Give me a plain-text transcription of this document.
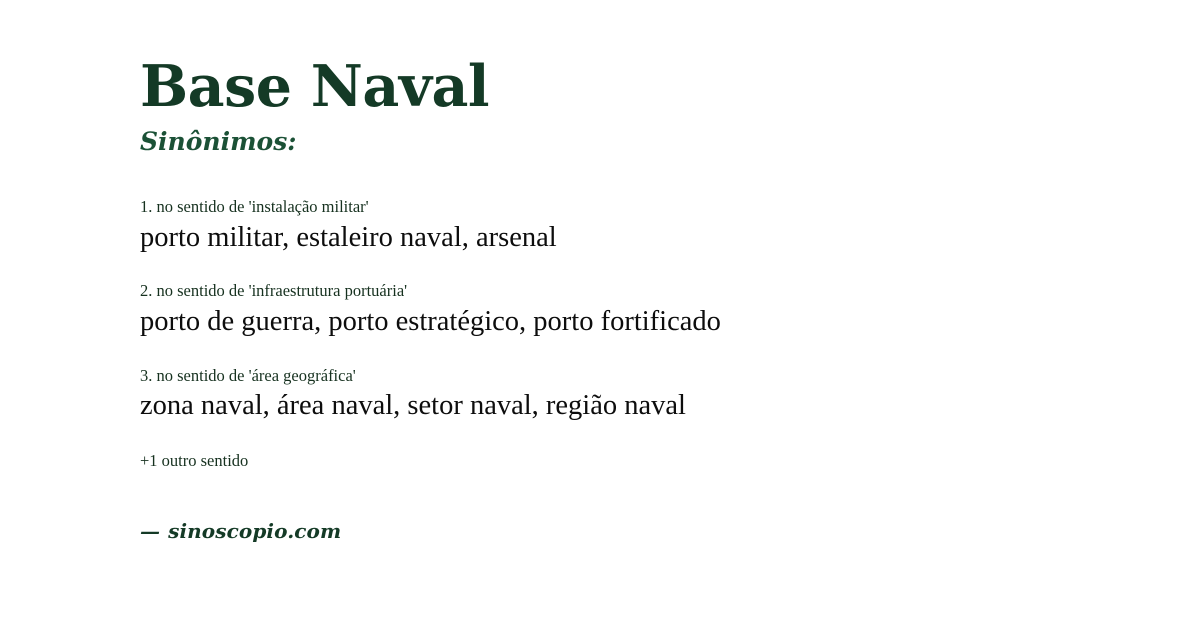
Base Naval
Sinônimos:

1. no sentido de 'instalação militar'

porto militar, estaleiro naval, arsenal

2. no sentido de 'infraestrutura portuária'

porto de guerra, porto estratégico, porto fortificado

3. no sentido de 'área geográfica'

zona naval, área naval, setor naval, região naval

+1 outro sentido

— sinoscopio.com
